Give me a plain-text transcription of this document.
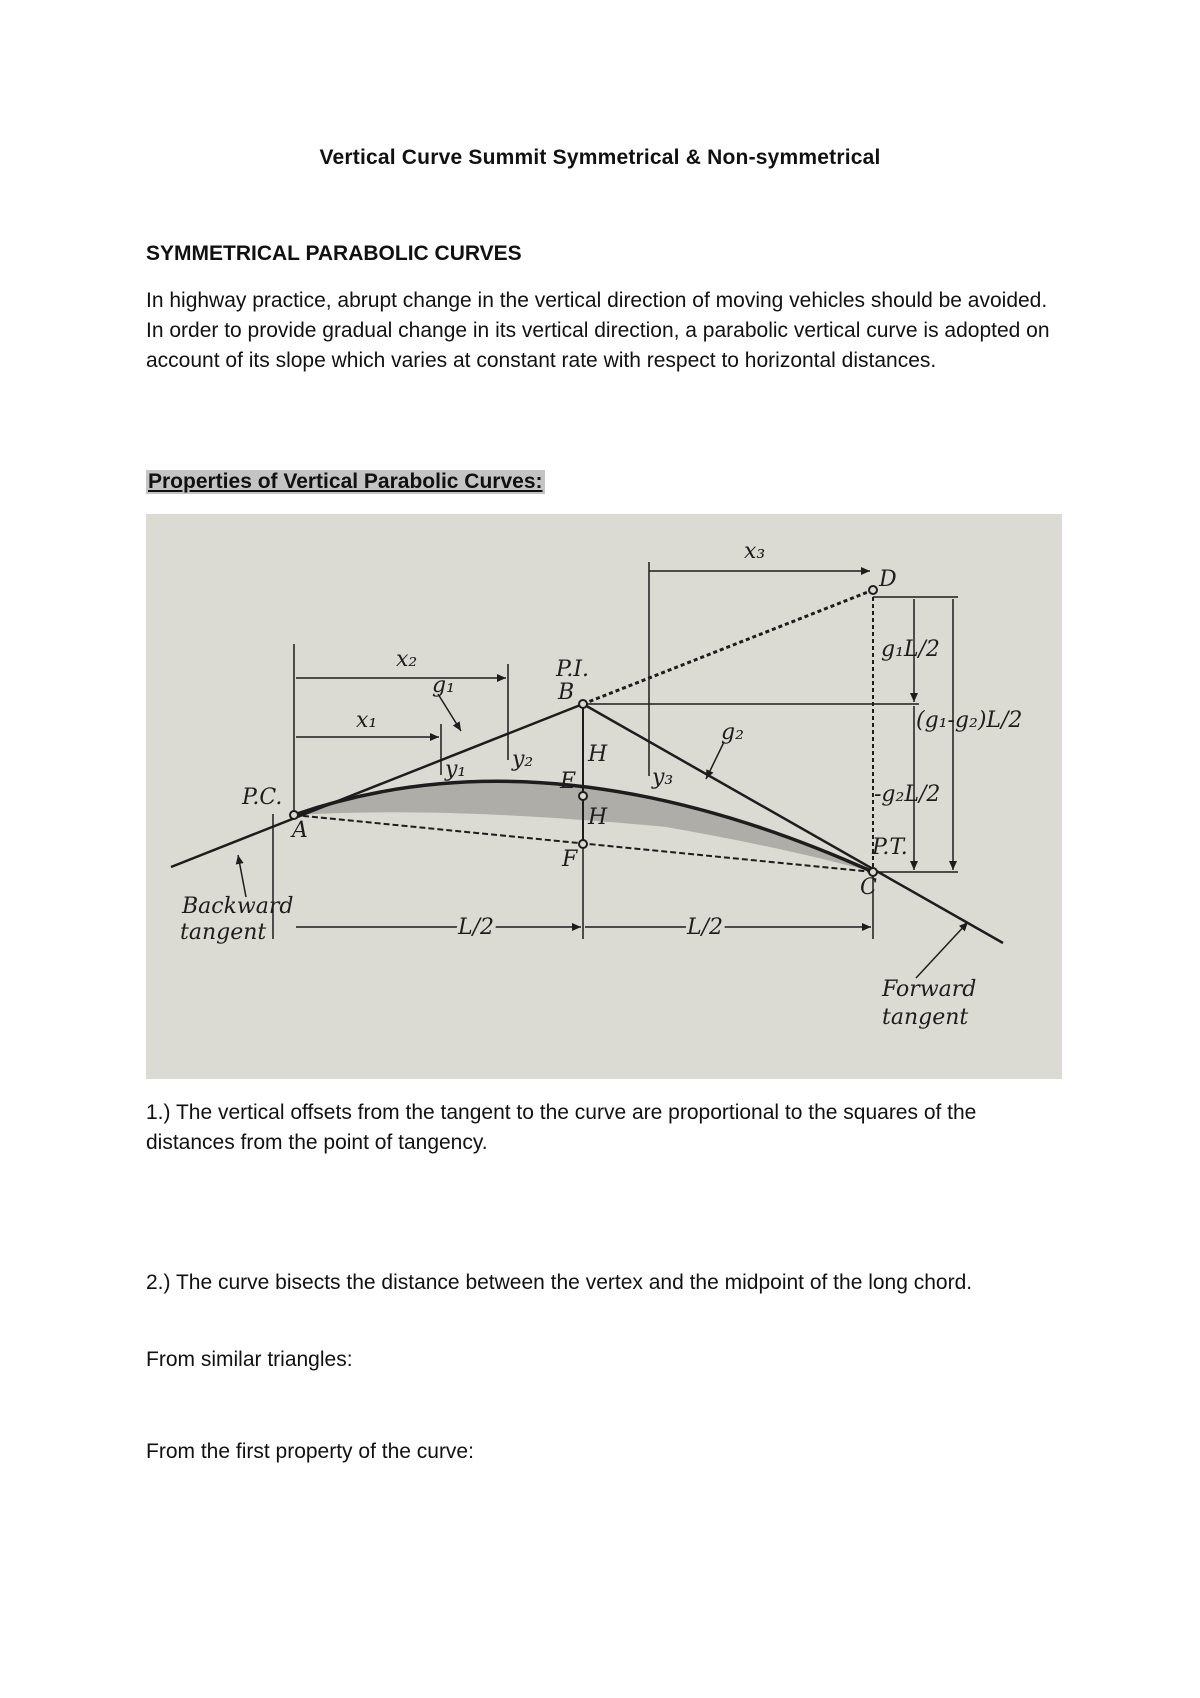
Vertical Curve Summit Symmetrical & Non-symmetrical
SYMMETRICAL PARABOLIC CURVES

In highway practice, abrupt change in the vertical direction of moving vehicles should be avoided. In order to provide gradual change in its vertical direction, a parabolic vertical curve is adopted on account of its slope which varies at constant rate with respect to horizontal distances.

Properties of Vertical Parabolic Curves:
x₃
D
x₂	P.I.
B
g₁
g₁L/2
x₁	g₂	(g₁-g₂)L/2
H
y₂
y₁	E	y₃
P.C.	-g₂L/2
H
A
P.T.
F
C
Backward
tangent	L/2	L/2
Forward
tangent

1.) The vertical offsets from the tangent to the curve are proportional to the squares of the distances from the point of tangency.

2.) The curve bisects the distance between the vertex and the midpoint of the long chord.

From similar triangles:

From the first property of the curve:
